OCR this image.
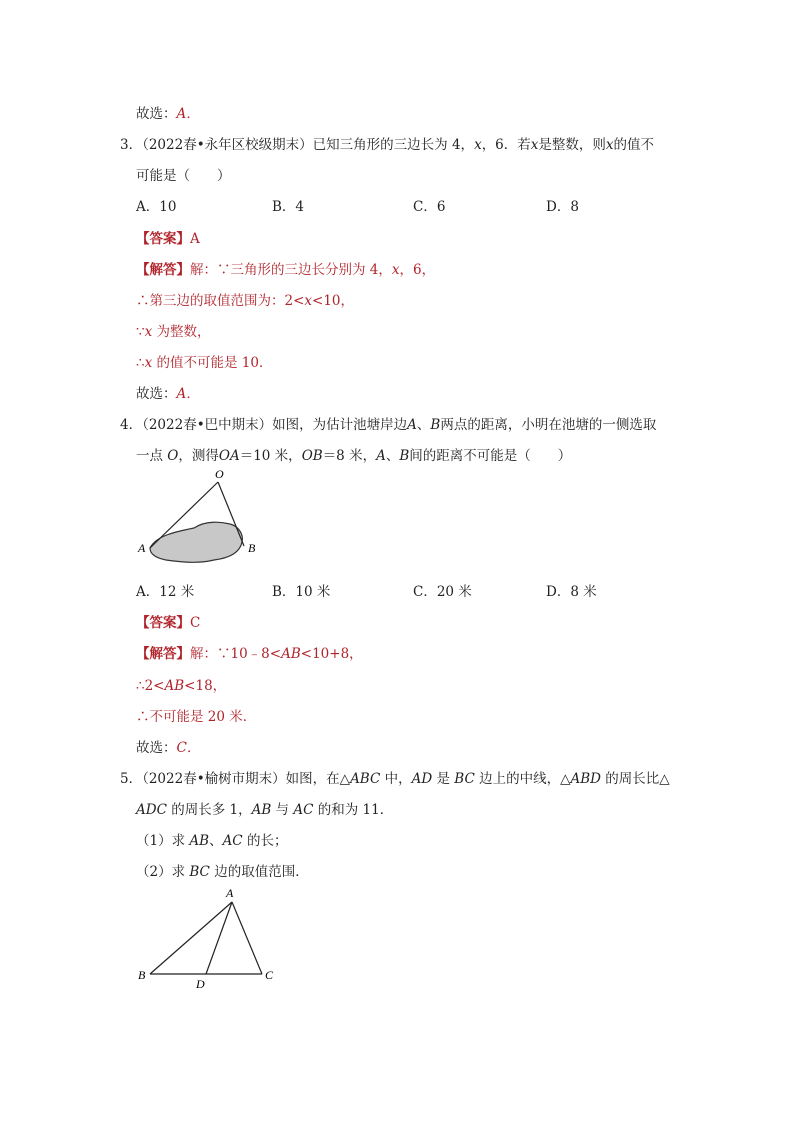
故选：A．
3．（2022春•永年区校级期末）已知三角形的三边长为 4，x，6．若x是整数，则x的值不
可能是（　　）
A．10	B．4	C．6	D．8
【答案】A
【解答】解：∵三角形的三边长分别为 4，x，6，
∴第三边的取值范围为：2<x<10，
∵x 为整数，
∴x 的值不可能是 10．
故选：A．
4．（2022春•巴中期末）如图，为估计池塘岸边A、B两点的距离，小明在池塘的一侧选取
一点 O，测得OA＝10 米，OB＝8 米，A、B间的距离不可能是（　　）
O
A	B
A．12 米	B．10 米	C．20 米	D．8 米
【答案】C
【解答】解：∵10﹣8<AB<10+8，
∴2<AB<18，
∴不可能是 20 米．
故选：C．
5．（2022春•榆树市期末）如图，在△ABC 中，AD 是 BC 边上的中线，△ABD 的周长比△
ADC 的周长多 1，AB 与 AC 的和为 11．
（1）求 AB、AC 的长；
（2）求 BC 边的取值范围．
A
B	C
D
